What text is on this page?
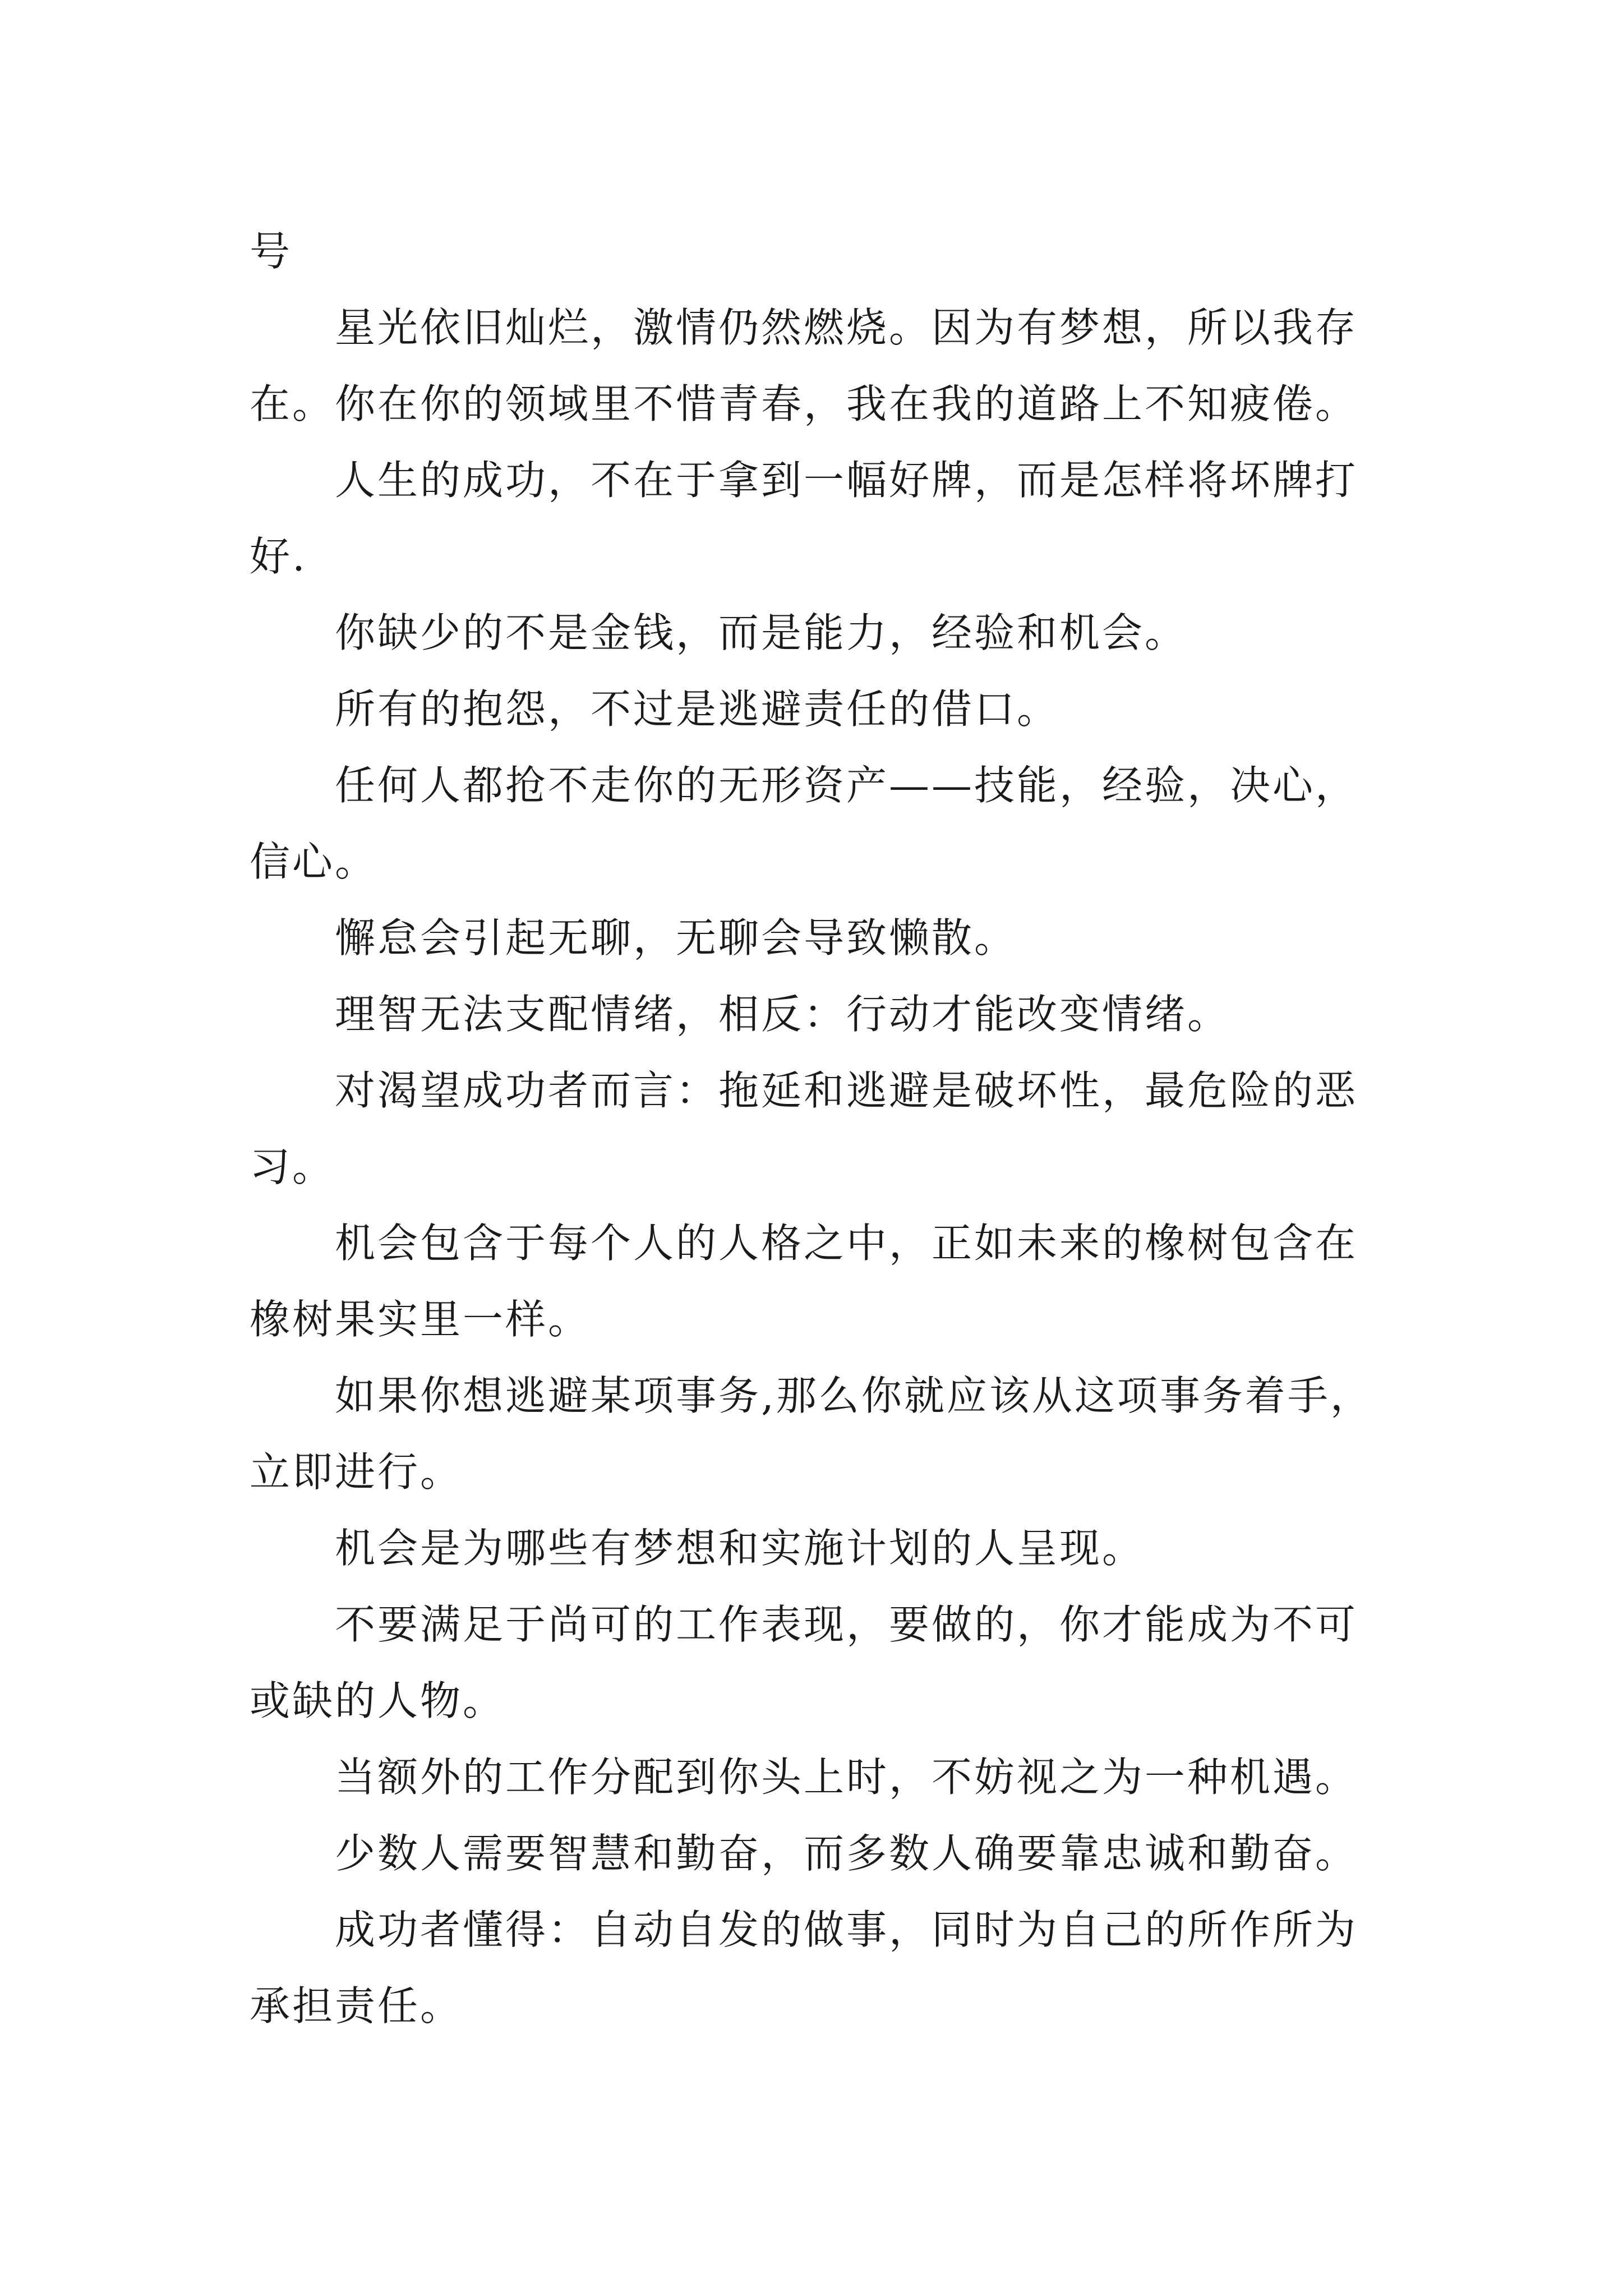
号

星光依旧灿烂，激情仍然燃烧。因为有梦想，所以我存在。你在你的领域里不惜青春，我在我的道路上不知疲倦。

人生的成功，不在于拿到一幅好牌，而是怎样将坏牌打好.

你缺少的不是金钱，而是能力，经验和机会。

所有的抱怨，不过是逃避责任的借口。

任何人都抢不走你的无形资产——技能，经验，决心，信心。

懈怠会引起无聊，无聊会导致懒散。

理智无法支配情绪，相反：行动才能改变情绪。

对渴望成功者而言：拖延和逃避是破坏性，最危险的恶习。

机会包含于每个人的人格之中，正如未来的橡树包含在橡树果实里一样。

如果你想逃避某项事务,那么你就应该从这项事务着手，立即进行。

机会是为哪些有梦想和实施计划的人呈现。

不要满足于尚可的工作表现，要做的，你才能成为不可或缺的人物。

当额外的工作分配到你头上时，不妨视之为一种机遇。

少数人需要智慧和勤奋，而多数人确要靠忠诚和勤奋。

成功者懂得：自动自发的做事，同时为自己的所作所为承担责任。
